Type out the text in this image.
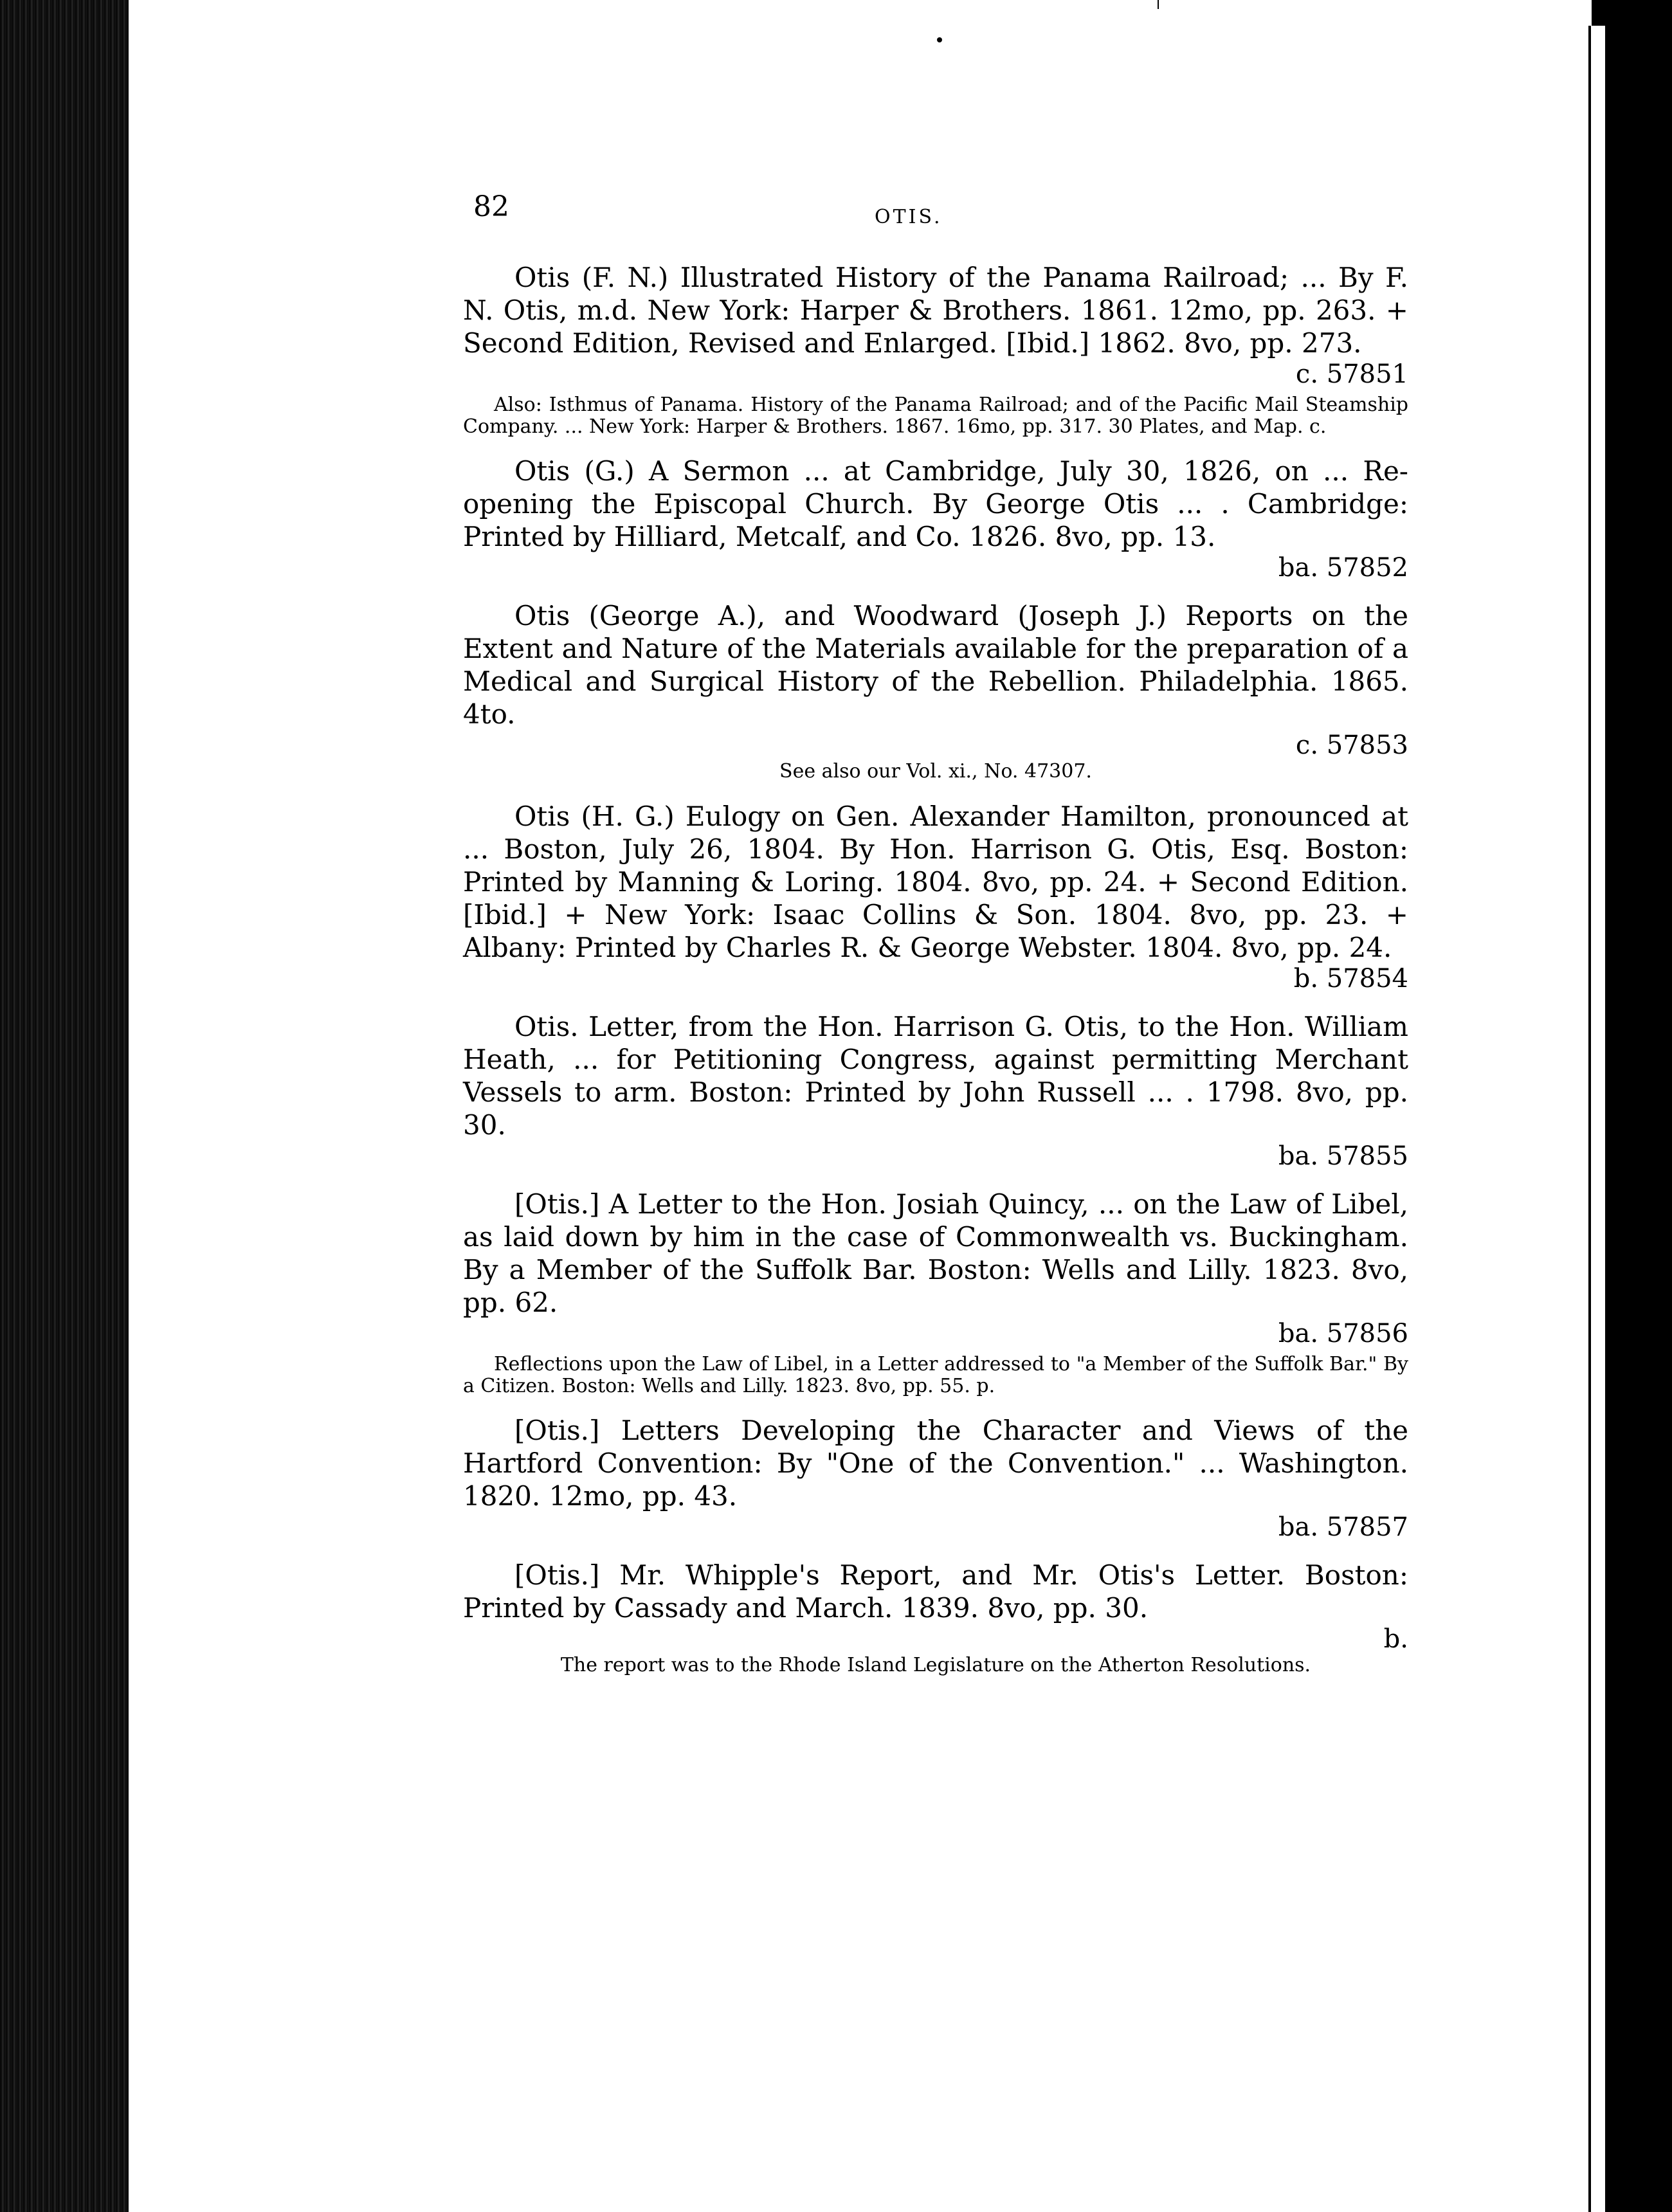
82	OTIS.

Otis (F. N.) Illustrated History of the Panama Railroad; ... By F. N. Otis, m.d. New York: Harper & Brothers. 1861. 12mo, pp. 263. + Second Edition, Revised and Enlarged. [Ibid.] 1862. 8vo, pp. 273.

c. 57851

Also: Isthmus of Panama. History of the Panama Railroad; and of the Pacific Mail Steamship Company. ... New York: Harper & Brothers. 1867. 16mo, pp. 317. 30 Plates, and Map. c.

Otis (G.) A Sermon ... at Cambridge, July 30, 1826, on ... Re-opening the Episcopal Church. By George Otis ... . Cambridge: Printed by Hilliard, Metcalf, and Co. 1826. 8vo, pp. 13.

ba. 57852

Otis (George A.), and Woodward (Joseph J.) Reports on the Extent and Nature of the Materials available for the preparation of a Medical and Surgical History of the Rebellion. Philadelphia. 1865. 4to.

c. 57853

See also our Vol. xi., No. 47307.

Otis (H. G.) Eulogy on Gen. Alexander Hamilton, pronounced at ... Boston, July 26, 1804. By Hon. Harrison G. Otis, Esq. Boston: Printed by Manning & Loring. 1804. 8vo, pp. 24. + Second Edition. [Ibid.] + New York: Isaac Collins & Son. 1804. 8vo, pp. 23. + Albany: Printed by Charles R. & George Webster. 1804. 8vo, pp. 24.

b. 57854

Otis. Letter, from the Hon. Harrison G. Otis, to the Hon. William Heath, ... for Petitioning Congress, against permitting Merchant Vessels to arm. Boston: Printed by John Russell ... . 1798. 8vo, pp. 30.

ba. 57855

[Otis.] A Letter to the Hon. Josiah Quincy, ... on the Law of Libel, as laid down by him in the case of Commonwealth vs. Buckingham. By a Member of the Suffolk Bar. Boston: Wells and Lilly. 1823. 8vo, pp. 62.

ba. 57856

Reflections upon the Law of Libel, in a Letter addressed to "a Member of the Suffolk Bar." By a Citizen. Boston: Wells and Lilly. 1823. 8vo, pp. 55. p.

[Otis.] Letters Developing the Character and Views of the Hartford Convention: By "One of the Convention." ... Washington. 1820. 12mo, pp. 43.

ba. 57857

[Otis.] Mr. Whipple's Report, and Mr. Otis's Letter. Boston: Printed by Cassady and March. 1839. 8vo, pp. 30.

b.

The report was to the Rhode Island Legislature on the Atherton Resolutions.
